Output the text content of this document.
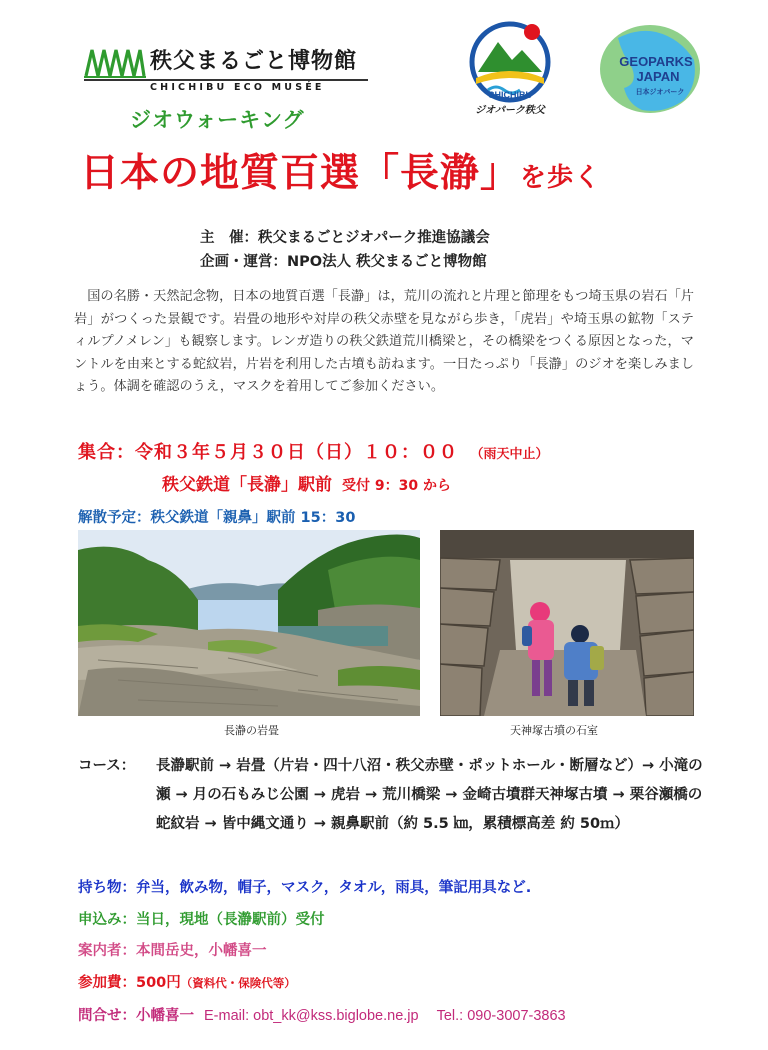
秩父まるごと博物館
CHICHIBU ECO MUSÉE
CHICHIBU
ジオパーク秩父
GEOPARKS
JAPAN
日本ジオパーク
ジオウォーキング
日本の地質百選「長瀞」を歩く
主　催：秩父まるごとジオパーク推進協議会
企画・運営：NPO法人 秩父まるごと博物館
国の名勝・天然記念物，日本の地質百選「長瀞」は，荒川の流れと片理と節理をもつ埼玉県の岩石「片岩」がつくった景観です。岩畳の地形や対岸の秩父赤壁を見ながら歩き，「虎岩」や埼玉県の鉱物「スティルプノメレン」も観察します。レンガ造りの秩父鉄道荒川橋梁と，その橋梁をつくる原因となった，マントルを由来とする蛇紋岩，片岩を利用した古墳も訪ねます。一日たっぷり「長瀞」のジオを楽しみましょう。体調を確認のうえ，マスクを着用してご参加ください。
集合：令和３年５月３０日（日）１０：００　 （雨天中止）
秩父鉄道「長瀞」駅前 受付 9：30 から
解散予定：秩父鉄道「親鼻」駅前 15：30
長瀞の岩畳	天神塚古墳の石室
コース： 長瀞駅前 → 岩畳（片岩・四十八沼・秩父赤壁・ポットホール・断層など）→ 小滝の瀬 → 月の石もみじ公園 → 虎岩 → 荒川橋梁 → 金崎古墳群天神塚古墳 → 栗谷瀬橋の蛇紋岩 → 皆中縄文通り → 親鼻駅前（約 5.5 ㎞，累積標高差 約 50ｍ）
持ち物：弁当，飲み物，帽子，マスク，タオル，雨具，筆記用具など.
申込み：当日，現地（長瀞駅前）受付
案内者：本間岳史，小幡喜一
参加費：500円（資料代・保険代等）
問合せ：小幡喜一 E-mail: obt_kk@kss.biglobe.ne.jp Tel.: 090-3007-3863
